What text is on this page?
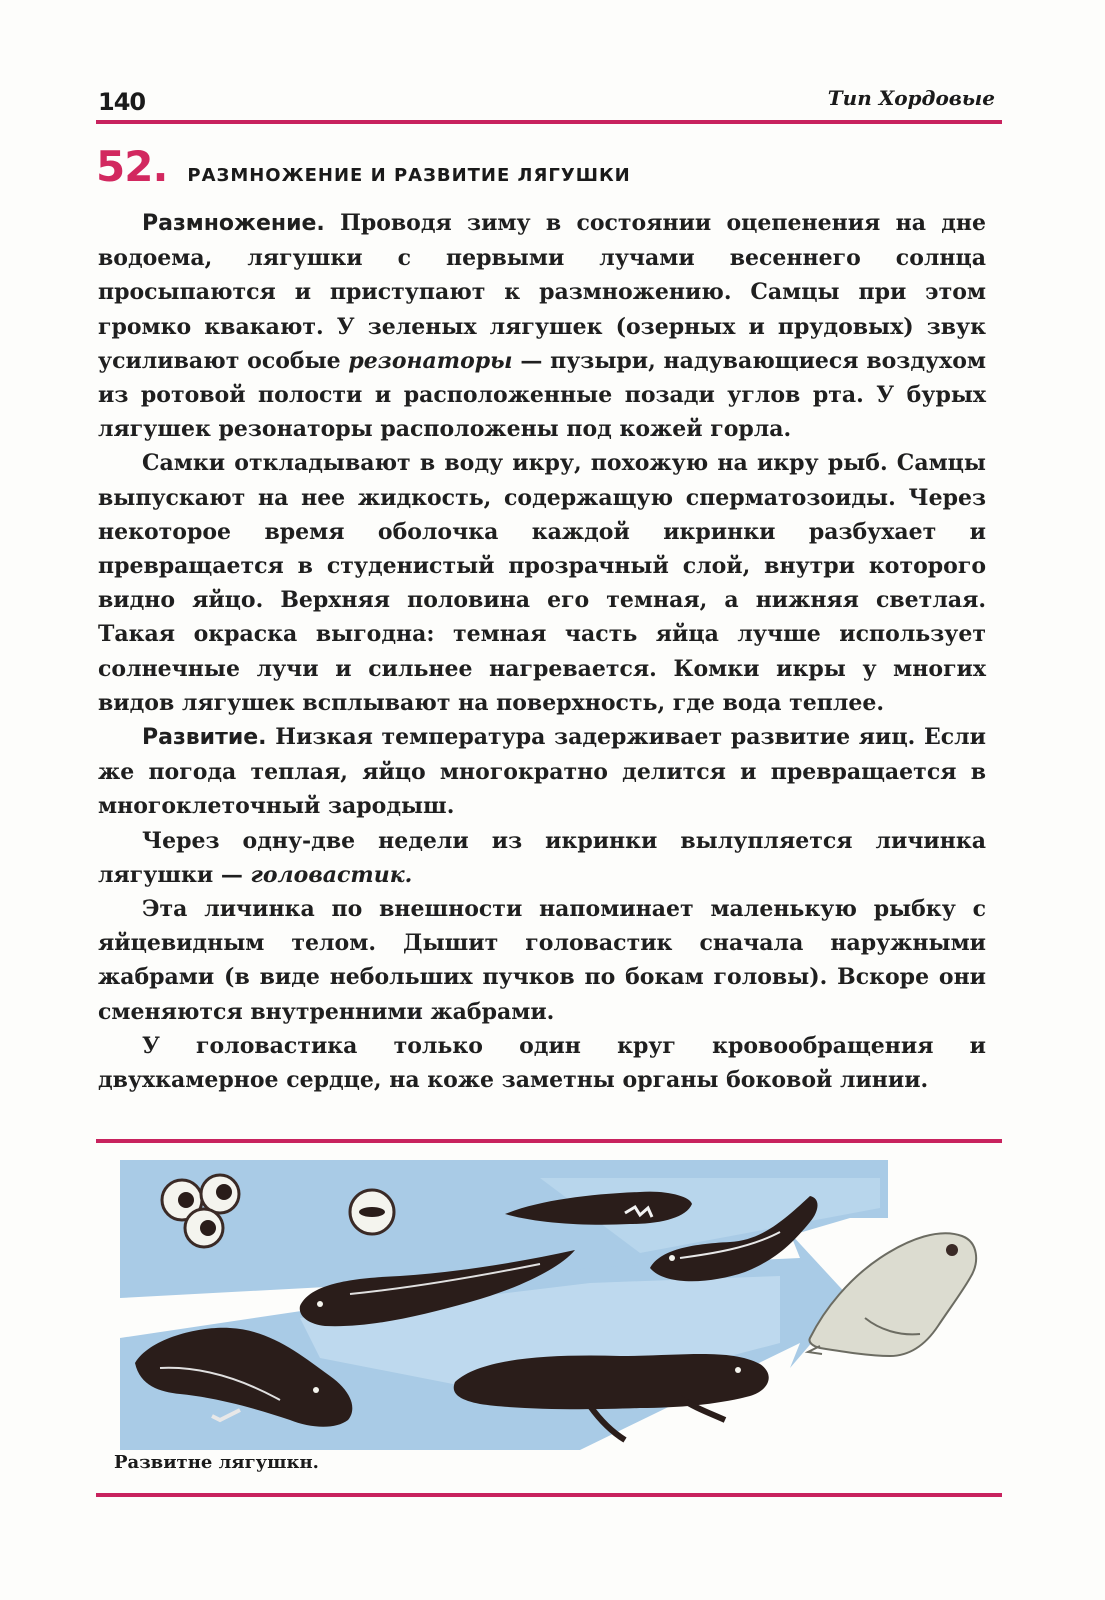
140	Тип Хордовые
52. РАЗМНОЖЕНИЕ И РАЗВИТИЕ ЛЯГУШКИ

Размножение. Проводя зиму в состоянии оцепенения на дне водоема, лягушки с первыми лучами весеннего солнца просыпаются и приступают к размножению. Самцы при этом громко квакают. У зеленых лягушек (озерных и прудовых) звук усиливают особые резонаторы — пузыри, надувающиеся воздухом из ротовой полости и расположенные позади углов рта. У бурых лягушек резонаторы расположены под кожей горла.

Самки откладывают в воду икру, похожую на икру рыб. Самцы выпускают на нее жидкость, содержащую сперматозоиды. Через некоторое время оболочка каждой икринки разбухает и превращается в студенистый прозрачный слой, внутри которого видно яйцо. Верхняя половина его темная, а нижняя светлая. Такая окраска выгодна: темная часть яйца лучше использует солнечные лучи и сильнее нагревается. Комки икры у многих видов лягушек всплывают на поверхность, где вода теплее.

Развитие. Низкая температура задерживает развитие яиц. Если же погода теплая, яйцо многократно делится и превращается в многоклеточный зародыш.

Через одну-две недели из икринки вылупляется личинка лягушки — головастик.

Эта личинка по внешности напоминает маленькую рыбку с яйцевидным телом. Дышит головастик сначала наружными жабрами (в виде небольших пучков по бокам головы). Вскоре они сменяются внутренними жабрами.

У головастика только один круг кровообращения и двухкамерное сердце, на коже заметны органы боковой линии.

Развитне лягушкн.
